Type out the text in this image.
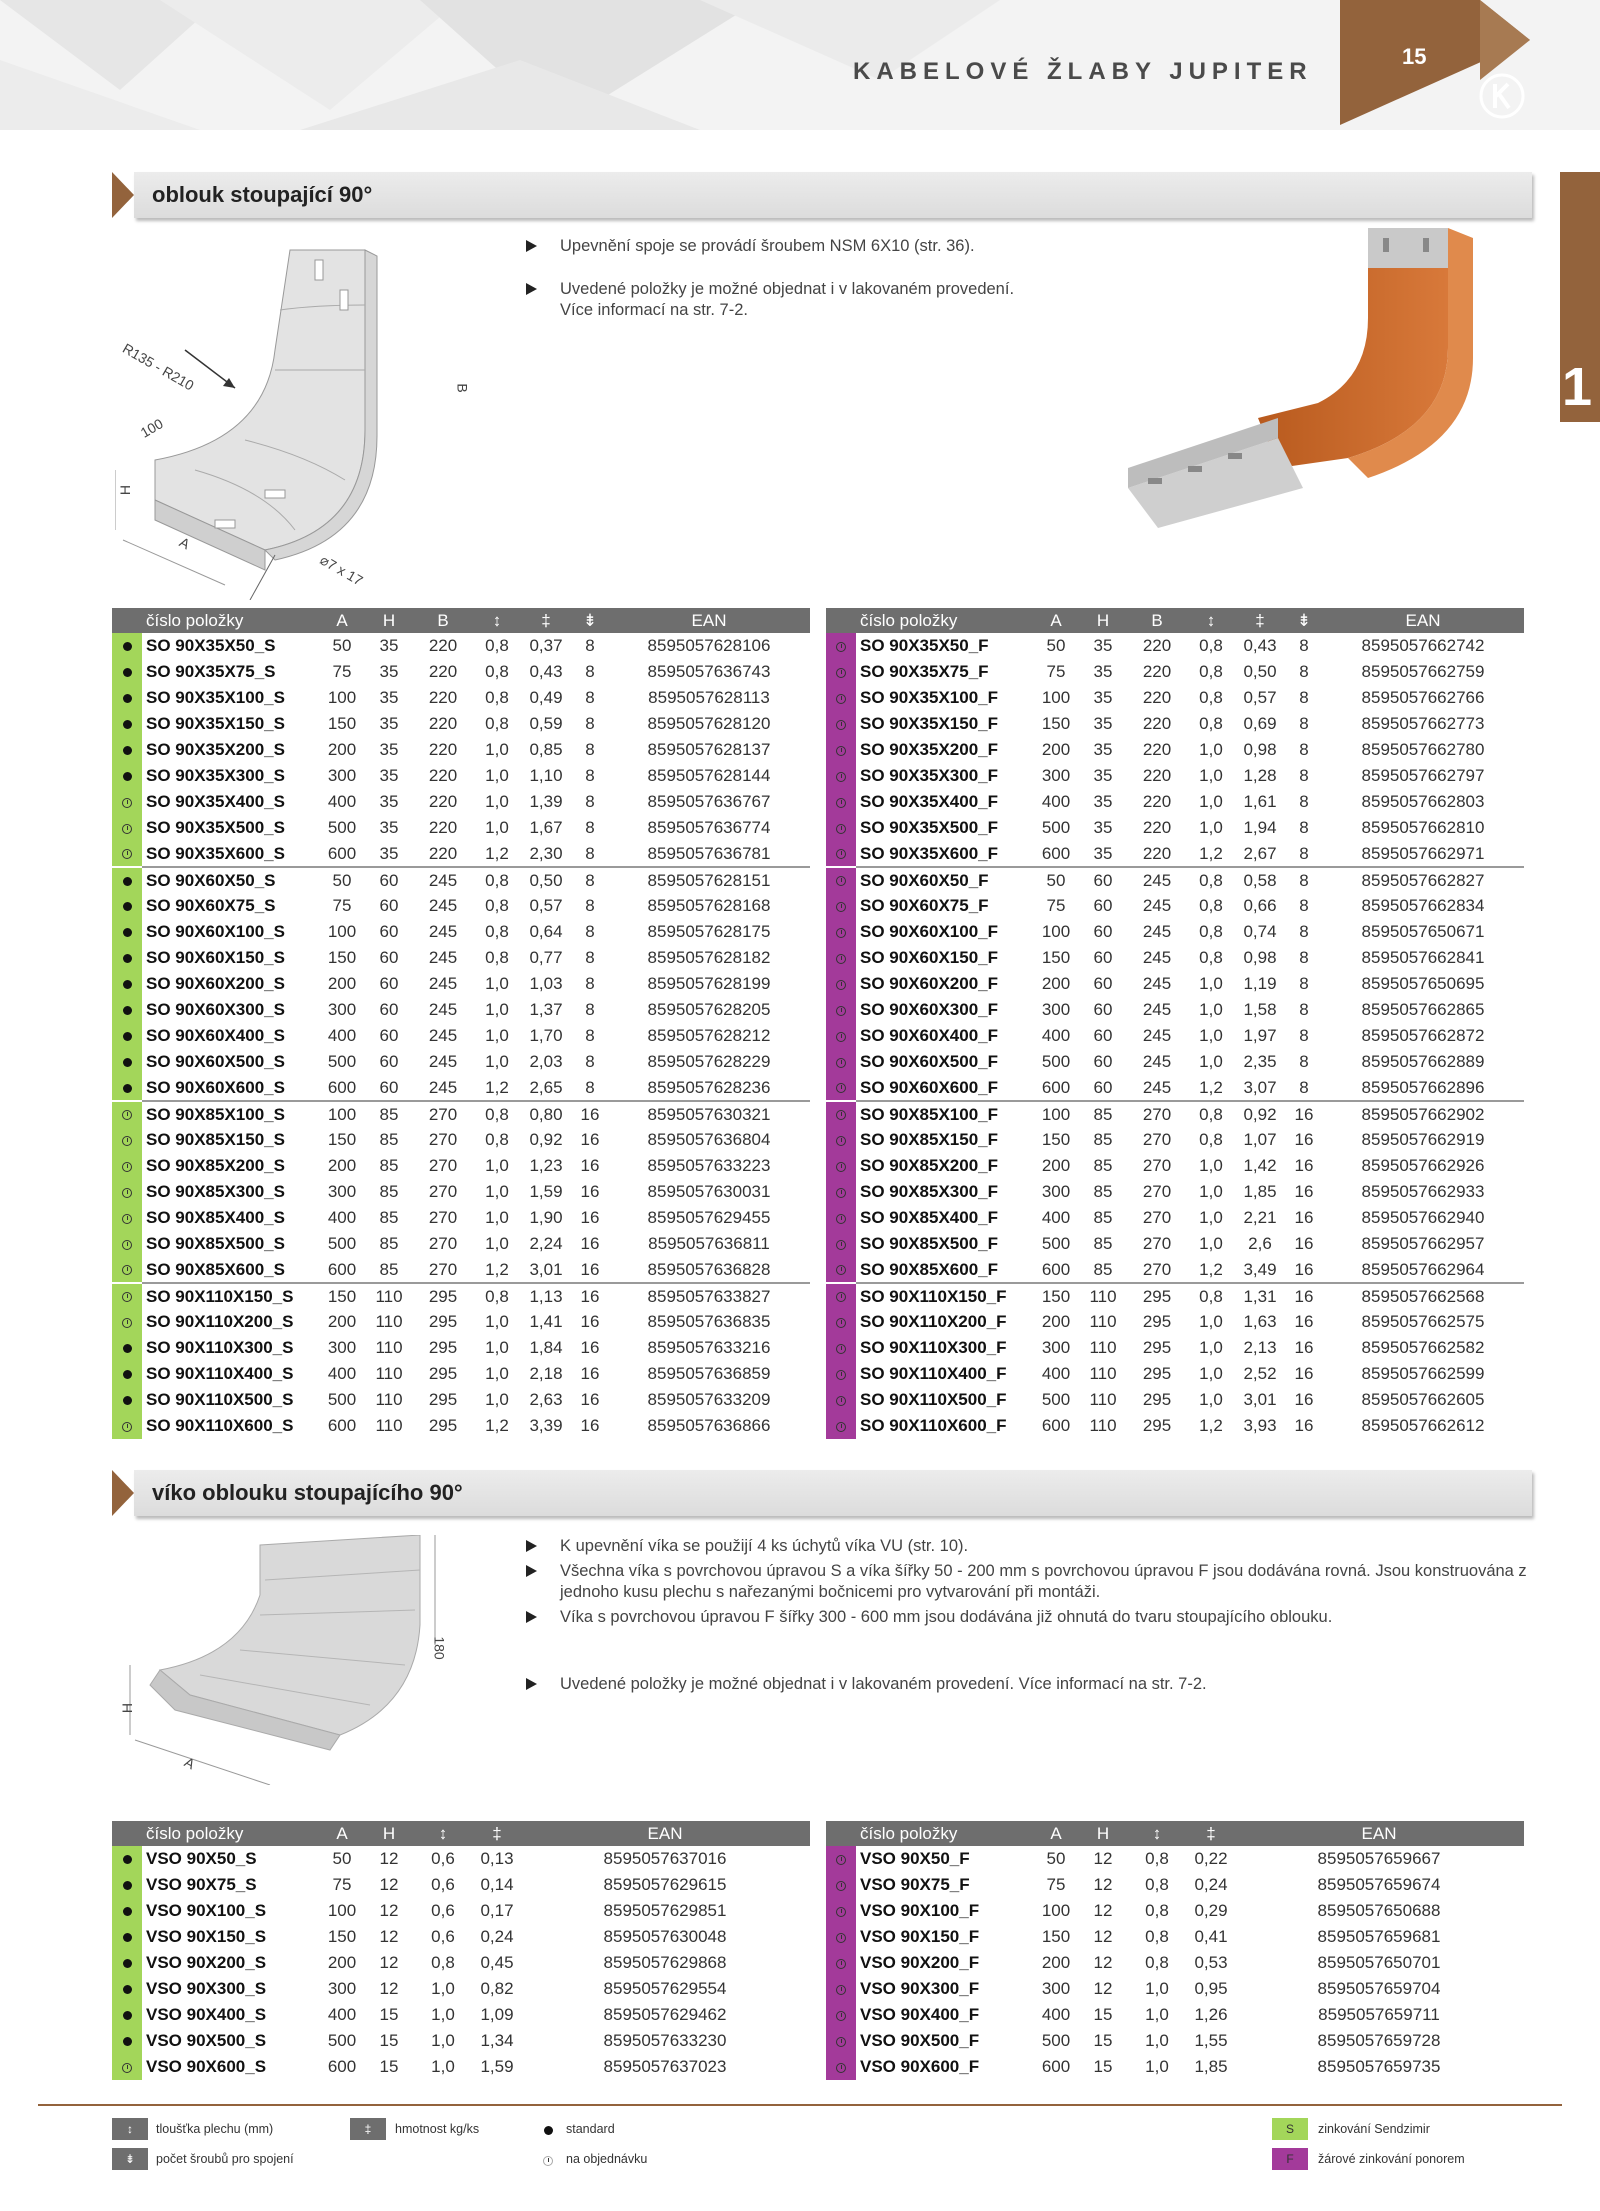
KABELOVÉ ŽLABY JUPITER
15
1
oblouk stoupající 90°
R135 - R210	B
100
H
A
⌀7 x 17
Upevnění spoje se provádí šroubem NSM 6X10 (str. 36).
Uvedené položky je možné objednat i v lakovaném provedení.
Více informací na str. 7-2.
	číslo položky	A	H	B	↕	‡	⇟	EAN
	SO 90X35X50_S	50	35	220	0,8	0,37	8	8595057628106
	SO 90X35X75_S	75	35	220	0,8	0,43	8	8595057636743
	SO 90X35X100_S	100	35	220	0,8	0,49	8	8595057628113
	SO 90X35X150_S	150	35	220	0,8	0,59	8	8595057628120
	SO 90X35X200_S	200	35	220	1,0	0,85	8	8595057628137
	SO 90X35X300_S	300	35	220	1,0	1,10	8	8595057628144
	SO 90X35X400_S	400	35	220	1,0	1,39	8	8595057636767
	SO 90X35X500_S	500	35	220	1,0	1,67	8	8595057636774
	SO 90X35X600_S	600	35	220	1,2	2,30	8	8595057636781
	SO 90X60X50_S	50	60	245	0,8	0,50	8	8595057628151
	SO 90X60X75_S	75	60	245	0,8	0,57	8	8595057628168
	SO 90X60X100_S	100	60	245	0,8	0,64	8	8595057628175
	SO 90X60X150_S	150	60	245	0,8	0,77	8	8595057628182
	SO 90X60X200_S	200	60	245	1,0	1,03	8	8595057628199
	SO 90X60X300_S	300	60	245	1,0	1,37	8	8595057628205
	SO 90X60X400_S	400	60	245	1,0	1,70	8	8595057628212
	SO 90X60X500_S	500	60	245	1,0	2,03	8	8595057628229
	SO 90X60X600_S	600	60	245	1,2	2,65	8	8595057628236
	SO 90X85X100_S	100	85	270	0,8	0,80	16	8595057630321
	SO 90X85X150_S	150	85	270	0,8	0,92	16	8595057636804
	SO 90X85X200_S	200	85	270	1,0	1,23	16	8595057633223
	SO 90X85X300_S	300	85	270	1,0	1,59	16	8595057630031
	SO 90X85X400_S	400	85	270	1,0	1,90	16	8595057629455
	SO 90X85X500_S	500	85	270	1,0	2,24	16	8595057636811
	SO 90X85X600_S	600	85	270	1,2	3,01	16	8595057636828
	SO 90X110X150_S	150	110	295	0,8	1,13	16	8595057633827
	SO 90X110X200_S	200	110	295	1,0	1,41	16	8595057636835
	SO 90X110X300_S	300	110	295	1,0	1,84	16	8595057633216
	SO 90X110X400_S	400	110	295	1,0	2,18	16	8595057636859
	SO 90X110X500_S	500	110	295	1,0	2,63	16	8595057633209
	SO 90X110X600_S	600	110	295	1,2	3,39	16	8595057636866
	číslo položky	A	H	B	↕	‡	⇟	EAN
	SO 90X35X50_F	50	35	220	0,8	0,43	8	8595057662742
	SO 90X35X75_F	75	35	220	0,8	0,50	8	8595057662759
	SO 90X35X100_F	100	35	220	0,8	0,57	8	8595057662766
	SO 90X35X150_F	150	35	220	0,8	0,69	8	8595057662773
	SO 90X35X200_F	200	35	220	1,0	0,98	8	8595057662780
	SO 90X35X300_F	300	35	220	1,0	1,28	8	8595057662797
	SO 90X35X400_F	400	35	220	1,0	1,61	8	8595057662803
	SO 90X35X500_F	500	35	220	1,0	1,94	8	8595057662810
	SO 90X35X600_F	600	35	220	1,2	2,67	8	8595057662971
	SO 90X60X50_F	50	60	245	0,8	0,58	8	8595057662827
	SO 90X60X75_F	75	60	245	0,8	0,66	8	8595057662834
	SO 90X60X100_F	100	60	245	0,8	0,74	8	8595057650671
	SO 90X60X150_F	150	60	245	0,8	0,98	8	8595057662841
	SO 90X60X200_F	200	60	245	1,0	1,19	8	8595057650695
	SO 90X60X300_F	300	60	245	1,0	1,58	8	8595057662865
	SO 90X60X400_F	400	60	245	1,0	1,97	8	8595057662872
	SO 90X60X500_F	500	60	245	1,0	2,35	8	8595057662889
	SO 90X60X600_F	600	60	245	1,2	3,07	8	8595057662896
	SO 90X85X100_F	100	85	270	0,8	0,92	16	8595057662902
	SO 90X85X150_F	150	85	270	0,8	1,07	16	8595057662919
	SO 90X85X200_F	200	85	270	1,0	1,42	16	8595057662926
	SO 90X85X300_F	300	85	270	1,0	1,85	16	8595057662933
	SO 90X85X400_F	400	85	270	1,0	2,21	16	8595057662940
	SO 90X85X500_F	500	85	270	1,0	2,6	16	8595057662957
	SO 90X85X600_F	600	85	270	1,2	3,49	16	8595057662964
	SO 90X110X150_F	150	110	295	0,8	1,31	16	8595057662568
	SO 90X110X200_F	200	110	295	1,0	1,63	16	8595057662575
	SO 90X110X300_F	300	110	295	1,0	2,13	16	8595057662582
	SO 90X110X400_F	400	110	295	1,0	2,52	16	8595057662599
	SO 90X110X500_F	500	110	295	1,0	3,01	16	8595057662605
	SO 90X110X600_F	600	110	295	1,2	3,93	16	8595057662612
víko oblouku stoupajícího 90°
180
H
A
K upevnění víka se použijí 4 ks úchytů víka VU (str. 10).
Všechna víka s povrchovou úpravou S a víka šířky 50 - 200 mm s povrchovou úpravou F jsou dodávána rovná. Jsou konstruována z jednoho kusu plechu s nařezanými bočnicemi pro vytvarování při montáži.
Víka s povrchovou úpravou F šířky 300 - 600 mm jsou dodávána již ohnutá do tvaru stoupajícího oblouku.
Uvedené položky je možné objednat i v lakovaném provedení. Více informací na str. 7-2.
	číslo položky	A	H	↕	‡	EAN
	VSO 90X50_S	50	12	0,6	0,13	8595057637016
	VSO 90X75_S	75	12	0,6	0,14	8595057629615
	VSO 90X100_S	100	12	0,6	0,17	8595057629851
	VSO 90X150_S	150	12	0,6	0,24	8595057630048
	VSO 90X200_S	200	12	0,8	0,45	8595057629868
	VSO 90X300_S	300	12	1,0	0,82	8595057629554
	VSO 90X400_S	400	15	1,0	1,09	8595057629462
	VSO 90X500_S	500	15	1,0	1,34	8595057633230
	VSO 90X600_S	600	15	1,0	1,59	8595057637023
	číslo položky	A	H	↕	‡	EAN
	VSO 90X50_F	50	12	0,8	0,22	8595057659667
	VSO 90X75_F	75	12	0,8	0,24	8595057659674
	VSO 90X100_F	100	12	0,8	0,29	8595057650688
	VSO 90X150_F	150	12	0,8	0,41	8595057659681
	VSO 90X200_F	200	12	0,8	0,53	8595057650701
	VSO 90X300_F	300	12	1,0	0,95	8595057659704
	VSO 90X400_F	400	15	1,0	1,26	8595057659711
	VSO 90X500_F	500	15	1,0	1,55	8595057659728
	VSO 90X600_F	600	15	1,0	1,85	8595057659735
↕	tloušťka plechu (mm)
⇟	počet šroubů pro spojení
‡	hmotnost kg/ks	standard
na objednávku
S	zinkování Sendzimir
F	žárové zinkování ponorem
